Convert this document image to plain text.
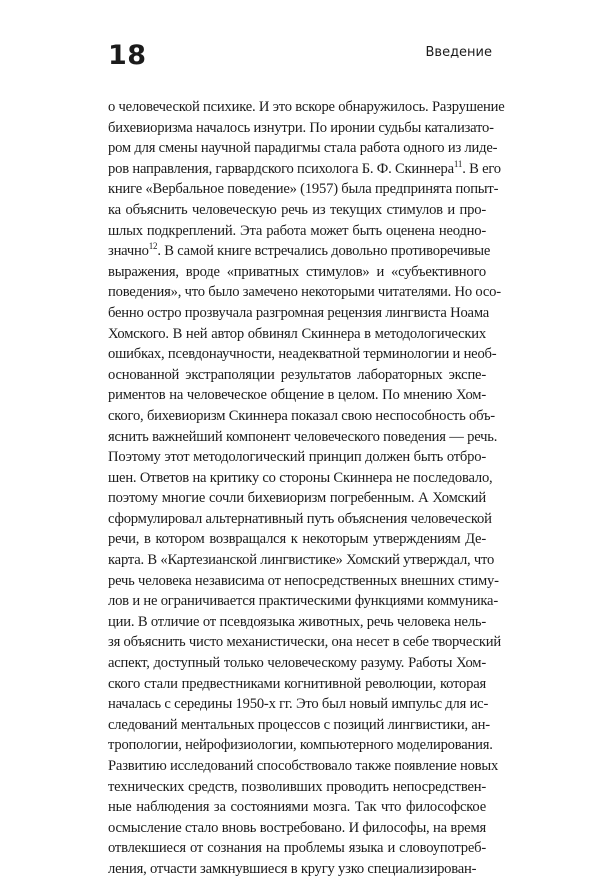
18	Введение
о человеческой психике. И это вскоре обнаружилось. Разрушение
бихевиоризма началось изнутри. По иронии судьбы катализато-
ром для смены научной парадигмы стала работа одного из лиде-
ров направления, гарвардского психолога Б. Ф. Скиннера$^{11}$. В его
книге «Вербальное поведение» (1957) была предпринята попыт-
ка объяснить человеческую речь из текущих стимулов и про-
шлых подкреплений. Эта работа может быть оценена неодно-
значно$^{12}$. В самой книге встречались довольно противоречивые
выражения, вроде «приватных стимулов» и «субъективного
поведения», что было замечено некоторыми читателями. Но осо-
бенно остро прозвучала разгромная рецензия лингвиста Ноама
Хомского. В ней автор обвинял Скиннера в методологических
ошибках, псевдонаучности, неадекватной терминологии и необ-
основанной экстраполяции результатов лабораторных экспе-
риментов на человеческое общение в целом. По мнению Хом-
ского, бихевиоризм Скиннера показал свою неспособность объ-
яснить важнейший компонент человеческого поведения — речь.
Поэтому этот методологический принцип должен быть отбро-
шен. Ответов на критику со стороны Скиннера не последовало,
поэтому многие сочли бихевиоризм погребенным. А Хомский
сформулировал альтернативный путь объяснения человеческой
речи, в котором возвращался к некоторым утверждениям Де-
карта. В «Картезианской лингвистике» Хомский утверждал, что
речь человека независима от непосредственных внешних стиму-
лов и не ограничивается практическими функциями коммуника-
ции. В отличие от псевдоязыка животных, речь человека нель-
зя объяснить чисто механистически, она несет в себе творческий
аспект, доступный только человеческому разуму. Работы Хом-
ского стали предвестниками когнитивной революции, которая
началась с середины 1950-х гг. Это был новый импульс для ис-
следований ментальных процессов с позиций лингвистики, ан-
тропологии, нейрофизиологии, компьютерного моделирования.
Развитию исследований способствовало также появление новых
технических средств, позволивших проводить непосредствен-
ные наблюдения за состояниями мозга. Так что философское
осмысление стало вновь востребовано. И философы, на время
отвлекшиеся от сознания на проблемы языка и словоупотреб-
ления, отчасти замкнувшиеся в кругу узко специализирован-
